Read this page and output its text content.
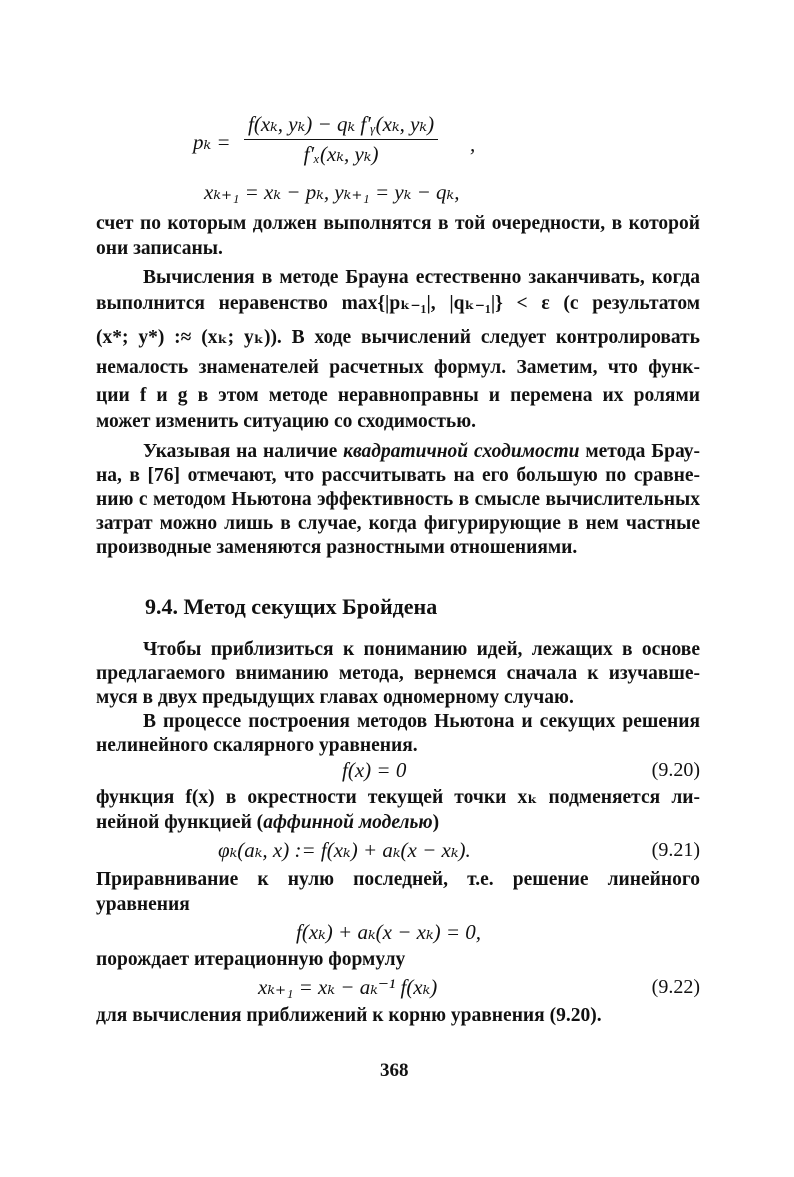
$p_k = \frac{\text{f(xₖ, yₖ) − qₖ f′ᵧ(xₖ, yₖ)}}{\text{f′ₓ(xₖ, yₖ)}}$ ,
xₖ₊₁ = xₖ − pₖ, yₖ₊₁ = yₖ − qₖ,
счет по которым должен выполнятся в той очередности, в которой
они записаны.
Вычисления в методе Брауна естественно заканчивать, когда
выполнится неравенство max{|pₖ₋₁|, |qₖ₋₁|} < ε (с результатом
(x*; y*) :≈ (xₖ; yₖ)). В ходе вычислений следует контролировать
немалость знаменателей расчетных формул. Заметим, что функ-
ции f и g в этом методе неравноправны и перемена их ролями
может изменить ситуацию со сходимостью.
Указывая на наличие квадратичной сходимости метода Брау-
на, в [76] отмечают, что рассчитывать на его большую по сравне-
нию с методом Ньютона эффективность в смысле вычислительных
затрат можно лишь в случае, когда фигурирующие в нем частные
производные заменяются разностными отношениями.
9.4. Метод секущих Бройдена
Чтобы приблизиться к пониманию идей, лежащих в основе
предлагаемого вниманию метода, вернемся сначала к изучавше-
муся в двух предыдущих главах одномерному случаю.
В процессе построения методов Ньютона и секущих решения
нелинейного скалярного уравнения.
f(x) = 0	(9.20)
функция f(x) в окрестности текущей точки xₖ подменяется ли-
нейной функцией (аффинной моделью)
φₖ(aₖ, x) := f(xₖ) + aₖ(x − xₖ).	(9.21)
Приравнивание к нулю последней, т.е. решение линейного
уравнения
f(xₖ) + aₖ(x − xₖ) = 0,
порождает итерационную формулу
xₖ₊₁ = xₖ − aₖ⁻¹ f(xₖ)	(9.22)
для вычисления приближений к корню уравнения (9.20).
368
